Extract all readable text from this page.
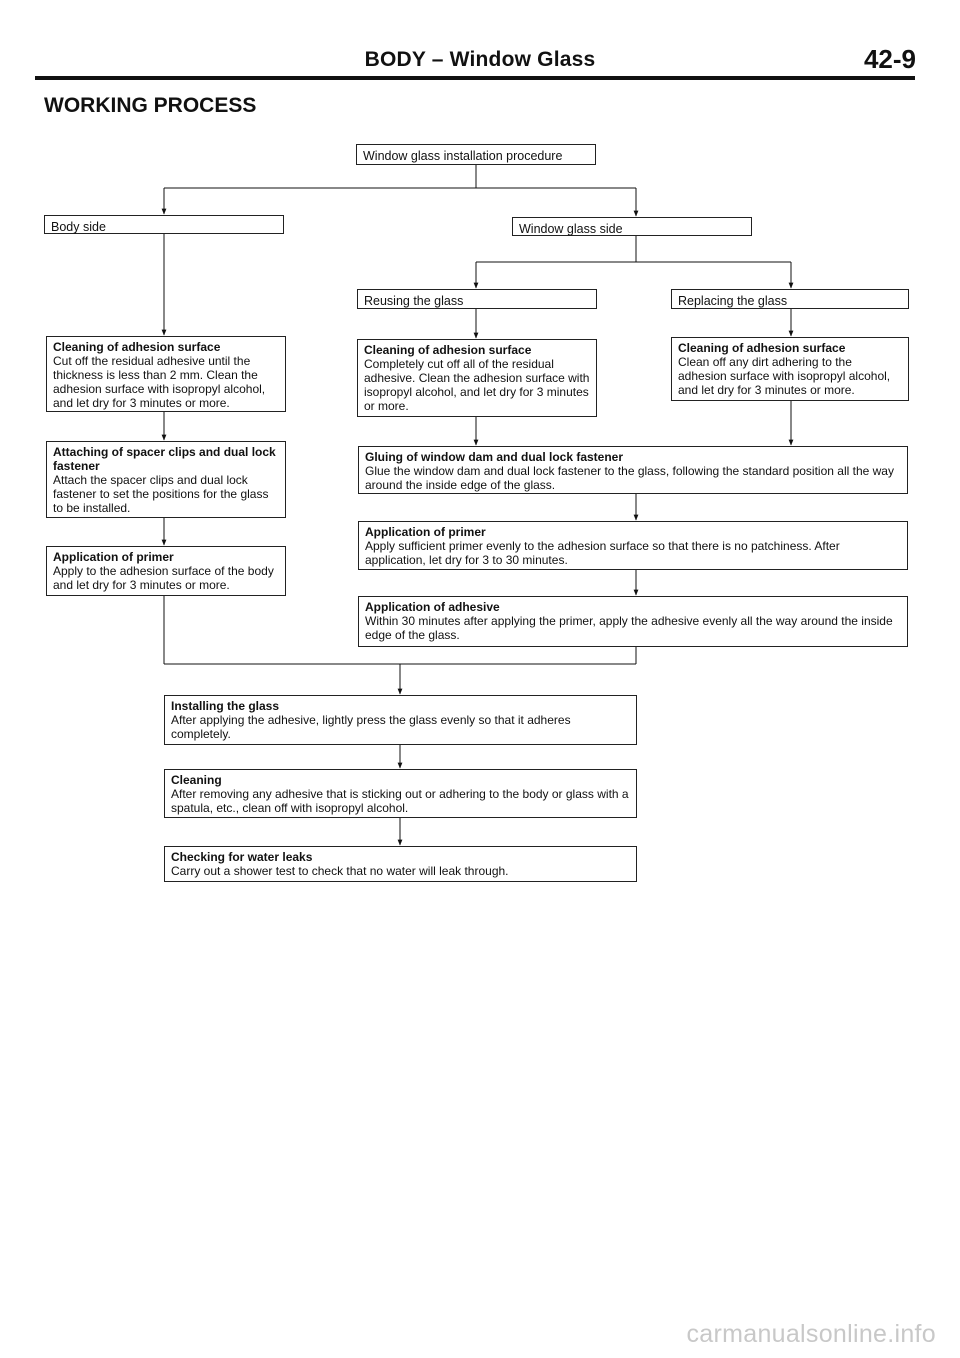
BODY – Window Glass	42-9
WORKING PROCESS
Window glass installation procedure
Body side	Window glass side
Reusing the glass	Replacing the glass
Cleaning of adhesion surface
Cut off the residual adhesive until the thickness is less than 2 mm. Clean the adhesion surface with isopropyl alcohol, and let dry for 3 minutes or more.
Attaching of spacer clips and dual lock fastener
Attach the spacer clips and dual lock fastener to set the positions for the glass to be installed.
Application of primer
Apply to the adhesion surface of the body and let dry for 3 minutes or more.
Cleaning of adhesion surface
Completely cut off all of the residual adhesive. Clean the adhesion surface with isopropyl alcohol, and let dry for 3 minutes or more.
Cleaning of adhesion surface
Clean off any dirt adhering to the adhesion surface with isopropyl alcohol, and let dry for 3 minutes or more.
Gluing of window dam and dual lock fastener
Glue the window dam and dual lock fastener to the glass, following the standard position all the way around the inside edge of the glass.
Application of primer
Apply sufficient primer evenly to the adhesion surface so that there is no patchiness. After application, let dry for 3 to 30 minutes.
Application of adhesive
Within 30 minutes after applying the primer, apply the adhesive evenly all the way around the inside edge of the glass.
Installing the glass
After applying the adhesive, lightly press the glass evenly so that it adheres completely.
Cleaning
After removing any adhesive that is sticking out or adhering to the body or glass with a spatula, etc., clean off with isopropyl alcohol.
Checking for water leaks
Carry out a shower test to check that no water will leak through.
carmanualsonline.info
